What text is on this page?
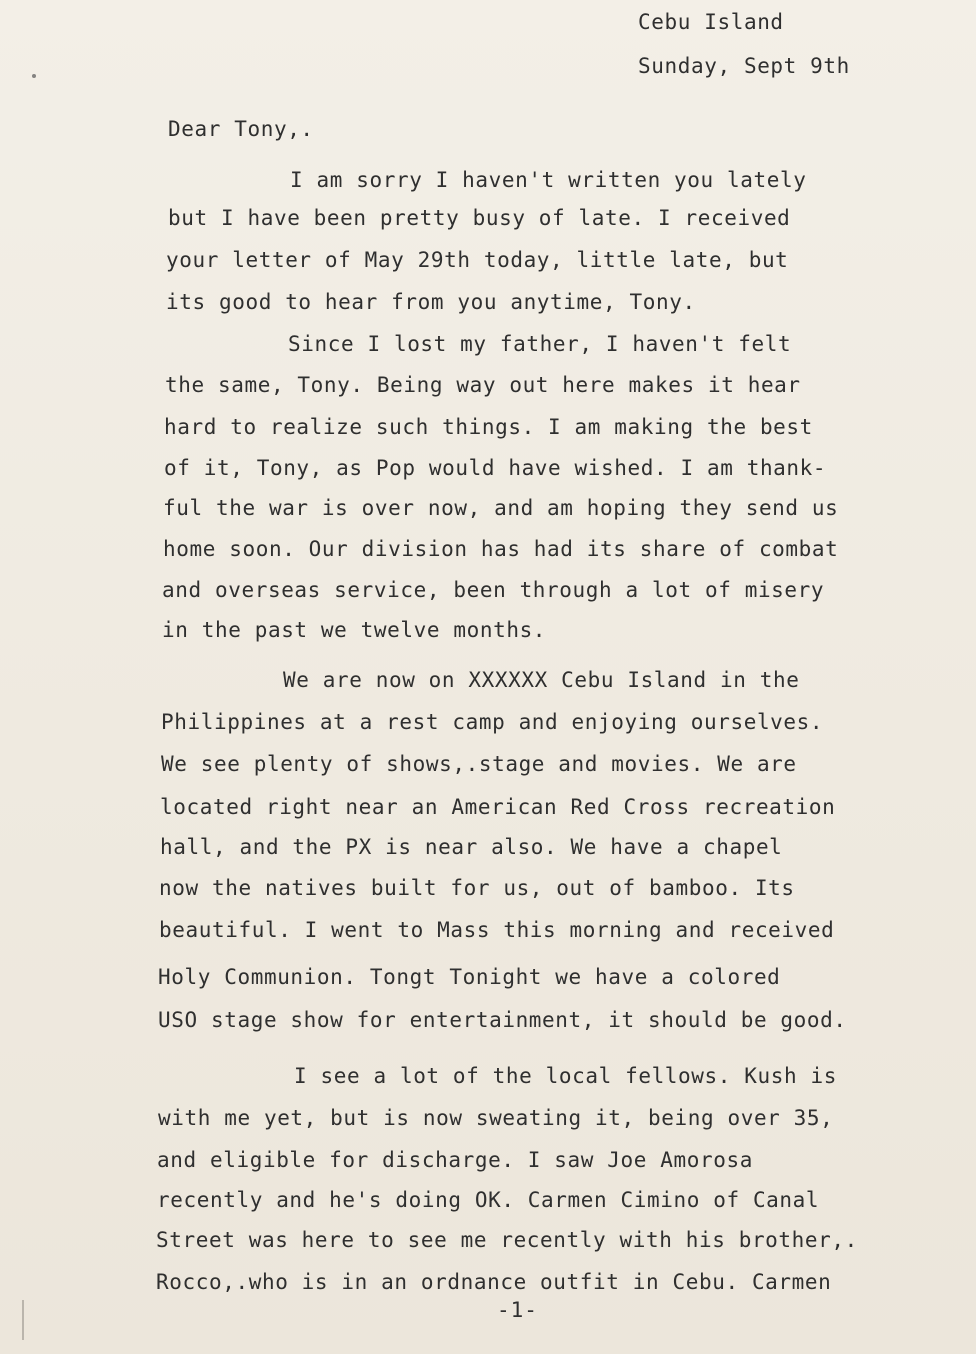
Cebu Island
Sunday, Sept 9th
Dear Tony,.
I am sorry I haven't written you lately
but I have been pretty busy of late. I received
your letter of May 29th today, little late, but
its good to hear from you anytime, Tony.
Since I lost my father, I haven't felt
the same, Tony. Being way out here makes it hear
hard to realize such things. I am making the best
of it, Tony, as Pop would have wished. I am thank-
ful the war is over now, and am hoping they send us
home soon. Our division has had its share of combat
and overseas service, been through a lot of misery
in the past we twelve months.
We are now on XXXXXX Cebu Island in the
Philippines at a rest camp and enjoying ourselves.
We see plenty of shows,.stage and movies. We are
located right near an American Red Cross recreation
hall, and the PX is near also. We have a chapel
now the natives built for us, out of bamboo. Its
beautiful. I went to Mass this morning and received
Holy Communion. Tongt Tonight we have a colored
USO stage show for entertainment, it should be good.
I see a lot of the local fellows. Kush is
with me yet, but is now sweating it, being over 35,
and eligible for discharge. I saw Joe Amorosa
recently and he's doing OK. Carmen Cimino of Canal
Street was here to see me recently with his brother,.
Rocco,.who is in an ordnance outfit in Cebu. Carmen
-1-
